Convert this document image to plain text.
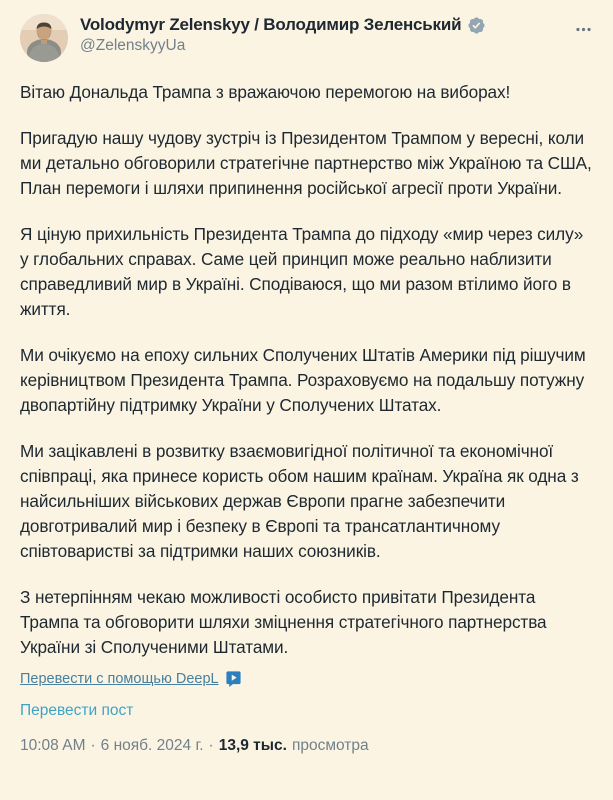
Volodymyr Zelenskyy / Володимир Зеленський
@ZelenskyyUa

Вітаю Дональда Трампа з вражаючою перемогою на виборах!

Пригадую нашу чудову зустріч із Президентом Трампом у вересні, коли ми детально обговорили стратегічне партнерство між Україною та США, План перемоги і шляхи припинення російської агресії проти України.

Я ціную прихильність Президента Трампа до підходу «мир через силу» у глобальних справах. Саме цей принцип може реально наблизити справедливий мир в Україні. Сподіваюся, що ми разом втілимо його в життя.

Ми очікуємо на епоху сильних Сполучених Штатів Америки під рішучим керівництвом Президента Трампа. Розраховуємо на подальшу потужну двопартійну підтримку України у Сполучених Штатах.

Ми зацікавлені в розвитку взаємовигідної політичної та економічної співпраці, яка принесе користь обом нашим країнам. Україна як одна з найсильніших військових держав Європи прагне забезпечити довготривалий мир і безпеку в Європі та трансатлантичному співтоваристві за підтримки наших союзників.

З нетерпінням чекаю можливості особисто привітати Президента Трампа та обговорити шляхи зміцнення стратегічного партнерства України зі Сполученими Штатами.

Перевести с помощью DeepL
Перевести пост
10:08 AM · 6 нояб. 2024 г. · 13,9 тыс. просмотра
